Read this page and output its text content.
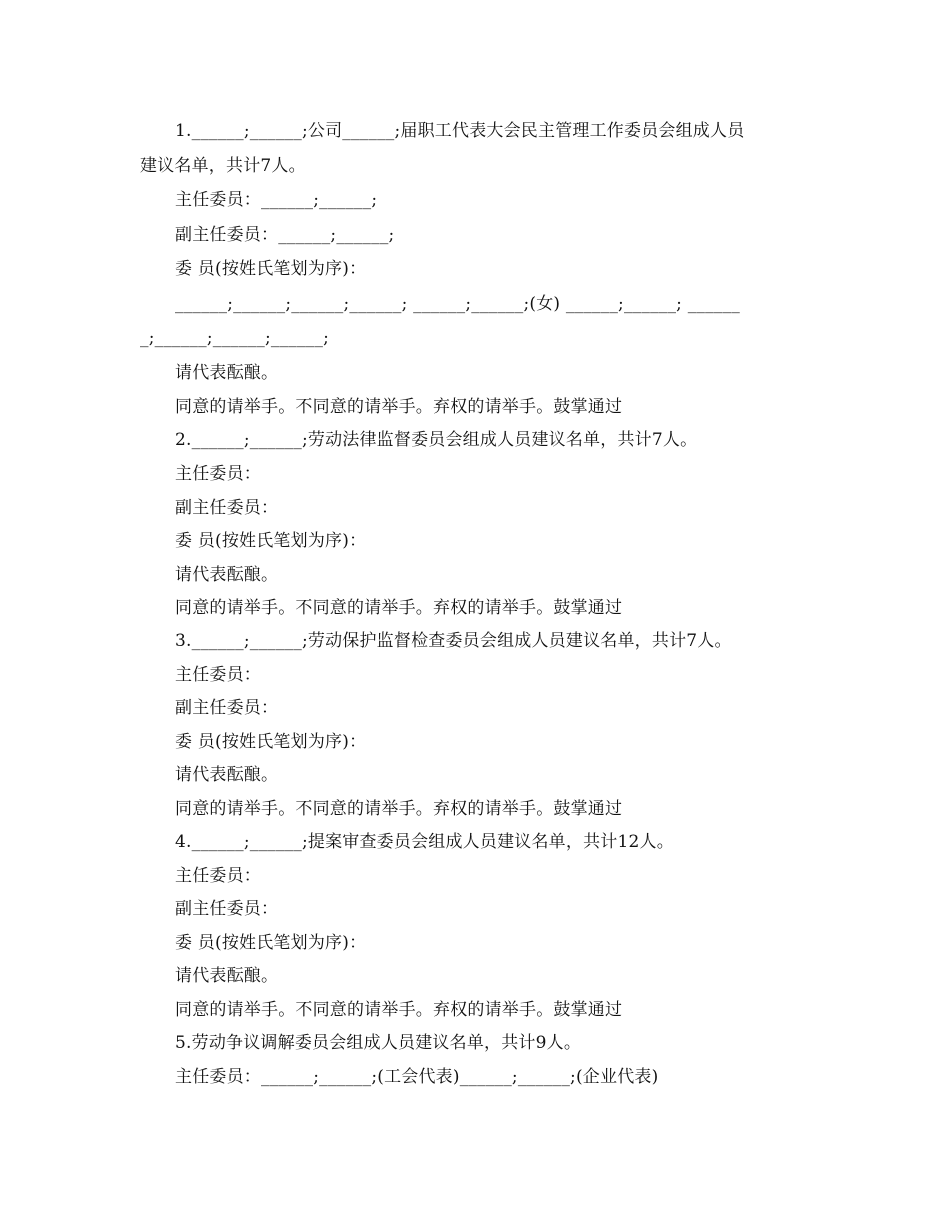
1.______;______;公司______;届职工代表大会民主管理工作委员会组成人员
建议名单，共计7人。
主任委员：______;______;
副主任委员：______;______;
委 员(按姓氏笔划为序)：
______;______;______;______; ______;______;(女) ______;______; ______
_;______;______;______;
请代表酝酿。
同意的请举手。不同意的请举手。弃权的请举手。鼓掌通过
2.______;______;劳动法律监督委员会组成人员建议名单，共计7人。
主任委员：
副主任委员：
委 员(按姓氏笔划为序)：
请代表酝酿。
同意的请举手。不同意的请举手。弃权的请举手。鼓掌通过
3.______;______;劳动保护监督检查委员会组成人员建议名单，共计7人。
主任委员：
副主任委员：
委 员(按姓氏笔划为序)：
请代表酝酿。
同意的请举手。不同意的请举手。弃权的请举手。鼓掌通过
4.______;______;提案审查委员会组成人员建议名单，共计12人。
主任委员：
副主任委员：
委 员(按姓氏笔划为序)：
请代表酝酿。
同意的请举手。不同意的请举手。弃权的请举手。鼓掌通过
5.劳动争议调解委员会组成人员建议名单，共计9人。
主任委员：______;______;(工会代表)______;______;(企业代表)
